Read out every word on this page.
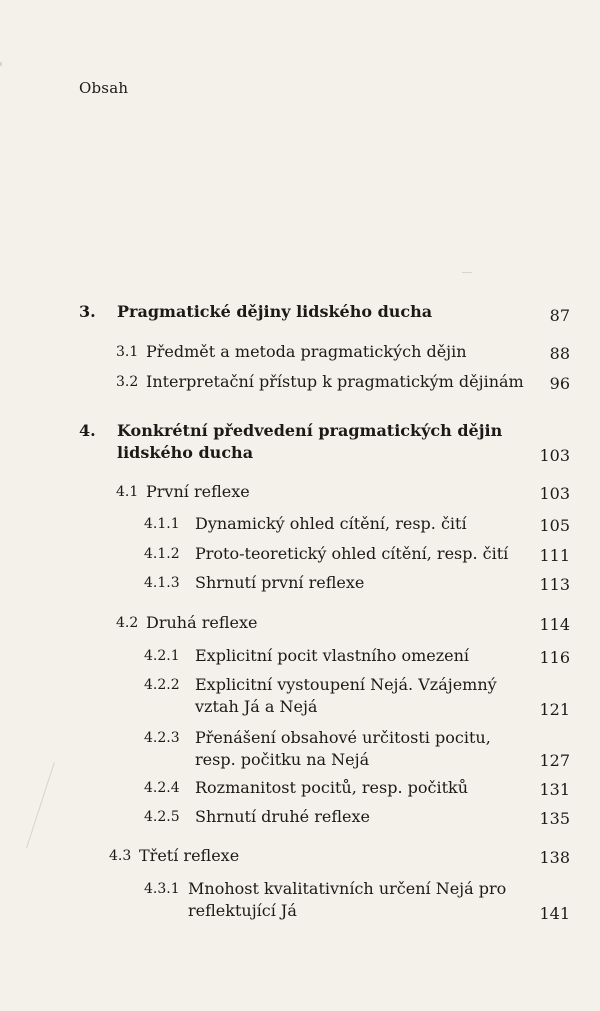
Obsah
3. Pragmatické dějiny lidského ducha	87
3.1 Předmět a metoda pragmatických dějin	88
3.2 Interpretační přístup k pragmatickým dějinám 96
4. Konkrétní předvedení pragmatických dějin
lidského ducha	103
4.1 První reflexe	103
4.1.1 Dynamický ohled cítění, resp. čití	105
4.1.2 Proto-teoretický ohled cítění, resp. čití 111
4.1.3 Shrnutí první reflexe	113
4.2 Druhá reflexe	114
4.2.1 Explicitní pocit vlastního omezení	116
4.2.2 Explicitní vystoupení Nejá. Vzájemný
vztah Já a Nejá	121
4.2.3 Přenášení obsahové určitosti pocitu,
resp. počitku na Nejá	127
4.2.4 Rozmanitost pocitů, resp. počitků	131
4.2.5 Shrnutí druhé reflexe	135
4.3 Třetí reflexe	138
4.3.1 Mnohost kvalitativních určení Nejá pro
reflektující Já	141
